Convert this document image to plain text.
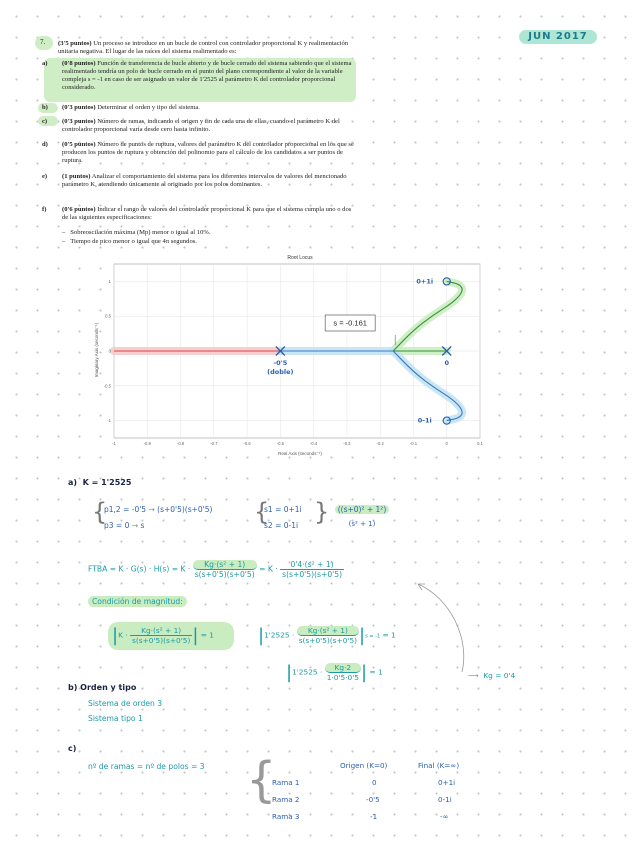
JUN 2017
7. (3'5 puntos) Un proceso se introduce en un bucle de control con controlador proporcional K y realimentación unitaria negativa. El lugar de las raíces del sistema realimentado es:
a) (0'8 puntos) Función de transferencia de bucle abierto y de bucle cerrado del sistema sabiendo que el sistema realimentado tendría un polo de bucle cerrado en el punto del plano correspondiente al valor de la variable compleja s = -1 en caso de ser asignado un valor de 1'2525 al parámetro K del controlador proporcional considerado.
b) (0'3 puntos) Determinar el orden y tipo del sistema.
c) (0'3 puntos) Número de ramas, indicando el origen y fin de cada una de ellas, cuando el parámetro K del controlador proporcional varía desde cero hasta infinito.
d) (0'5 puntos) Número de puntos de ruptura, valores del parámetro K del controlador proporcional en los que se producen los puntos de ruptura y obtención del polinomio para el cálculo de los candidatos a ser puntos de ruptura.
e) (1 puntos) Analizar el comportamiento del sistema para los diferentes intervalos de valores del mencionado parámetro K, atendiendo únicamente al originado por los polos dominantes.
f) (0'6 puntos) Indicar el rango de valores del controlador proporcional K para que el sistema cumpla uno o dos de las siguientes especificaciones:
–   Sobreoscilación máxima (Mp) menor o igual al 10%.
–   Tiempo de pico menor o igual que 4π segundos.
-1	-0.9	-0.8	-0.7	-0.6	-0.5	-0.4	-0.3	-0.2	-0.1	0	0.1
1
0.5
0
-0.5
-1
Root Locus
Real Axis (seconds⁻¹)
Imaginary Axis (seconds⁻¹)	s = -0.161
0+1i
0-1i
-0'5
(doble)
0
a) K = 1'2525
{
p1,2 = -0'5 → (s+0'5)(s+0'5)
p3 = 0 → s	{
s1 = 0+1i
s2 = 0-1i }	((s+0)² + 1²)
(s² + 1)
FTBA = $K \cdot G(s) \cdot H(s) = K \cdot \frac{\text{Kg·(s² + 1)}}{s(s+0'5)(s+0'5)} = K \cdot \frac{\text{0'4·(s² + 1)}}{s(s+0'5)(s+0'5)}$
Condición de magnitud:
$|K \cdot \frac{\text{Kg·(s² + 1)}}{s(s+0'5)(s+0'5)}$ | = 1 $|1'2525 \cdot \frac{\text{Kg·(s² + 1)}}{s(s+0'5)(s+0'5)} |s = -1 = 1$
$|1'2525 \cdot \frac{Kg\cdot 2}{1\cdot 0'5\cdot 0'5}$ | = 1	⟶ Kg = 0'4
b) Orden y tipo
Sistema de orden 3
Sistema tipo 1
c)
nº de ramas = nº de polos = 3 {	Origen (K=0)	Final (K=∞)
Rama 1	0	0+1i
Rama 2	-0'5	0-1i
Rama 3	-1	-∞
